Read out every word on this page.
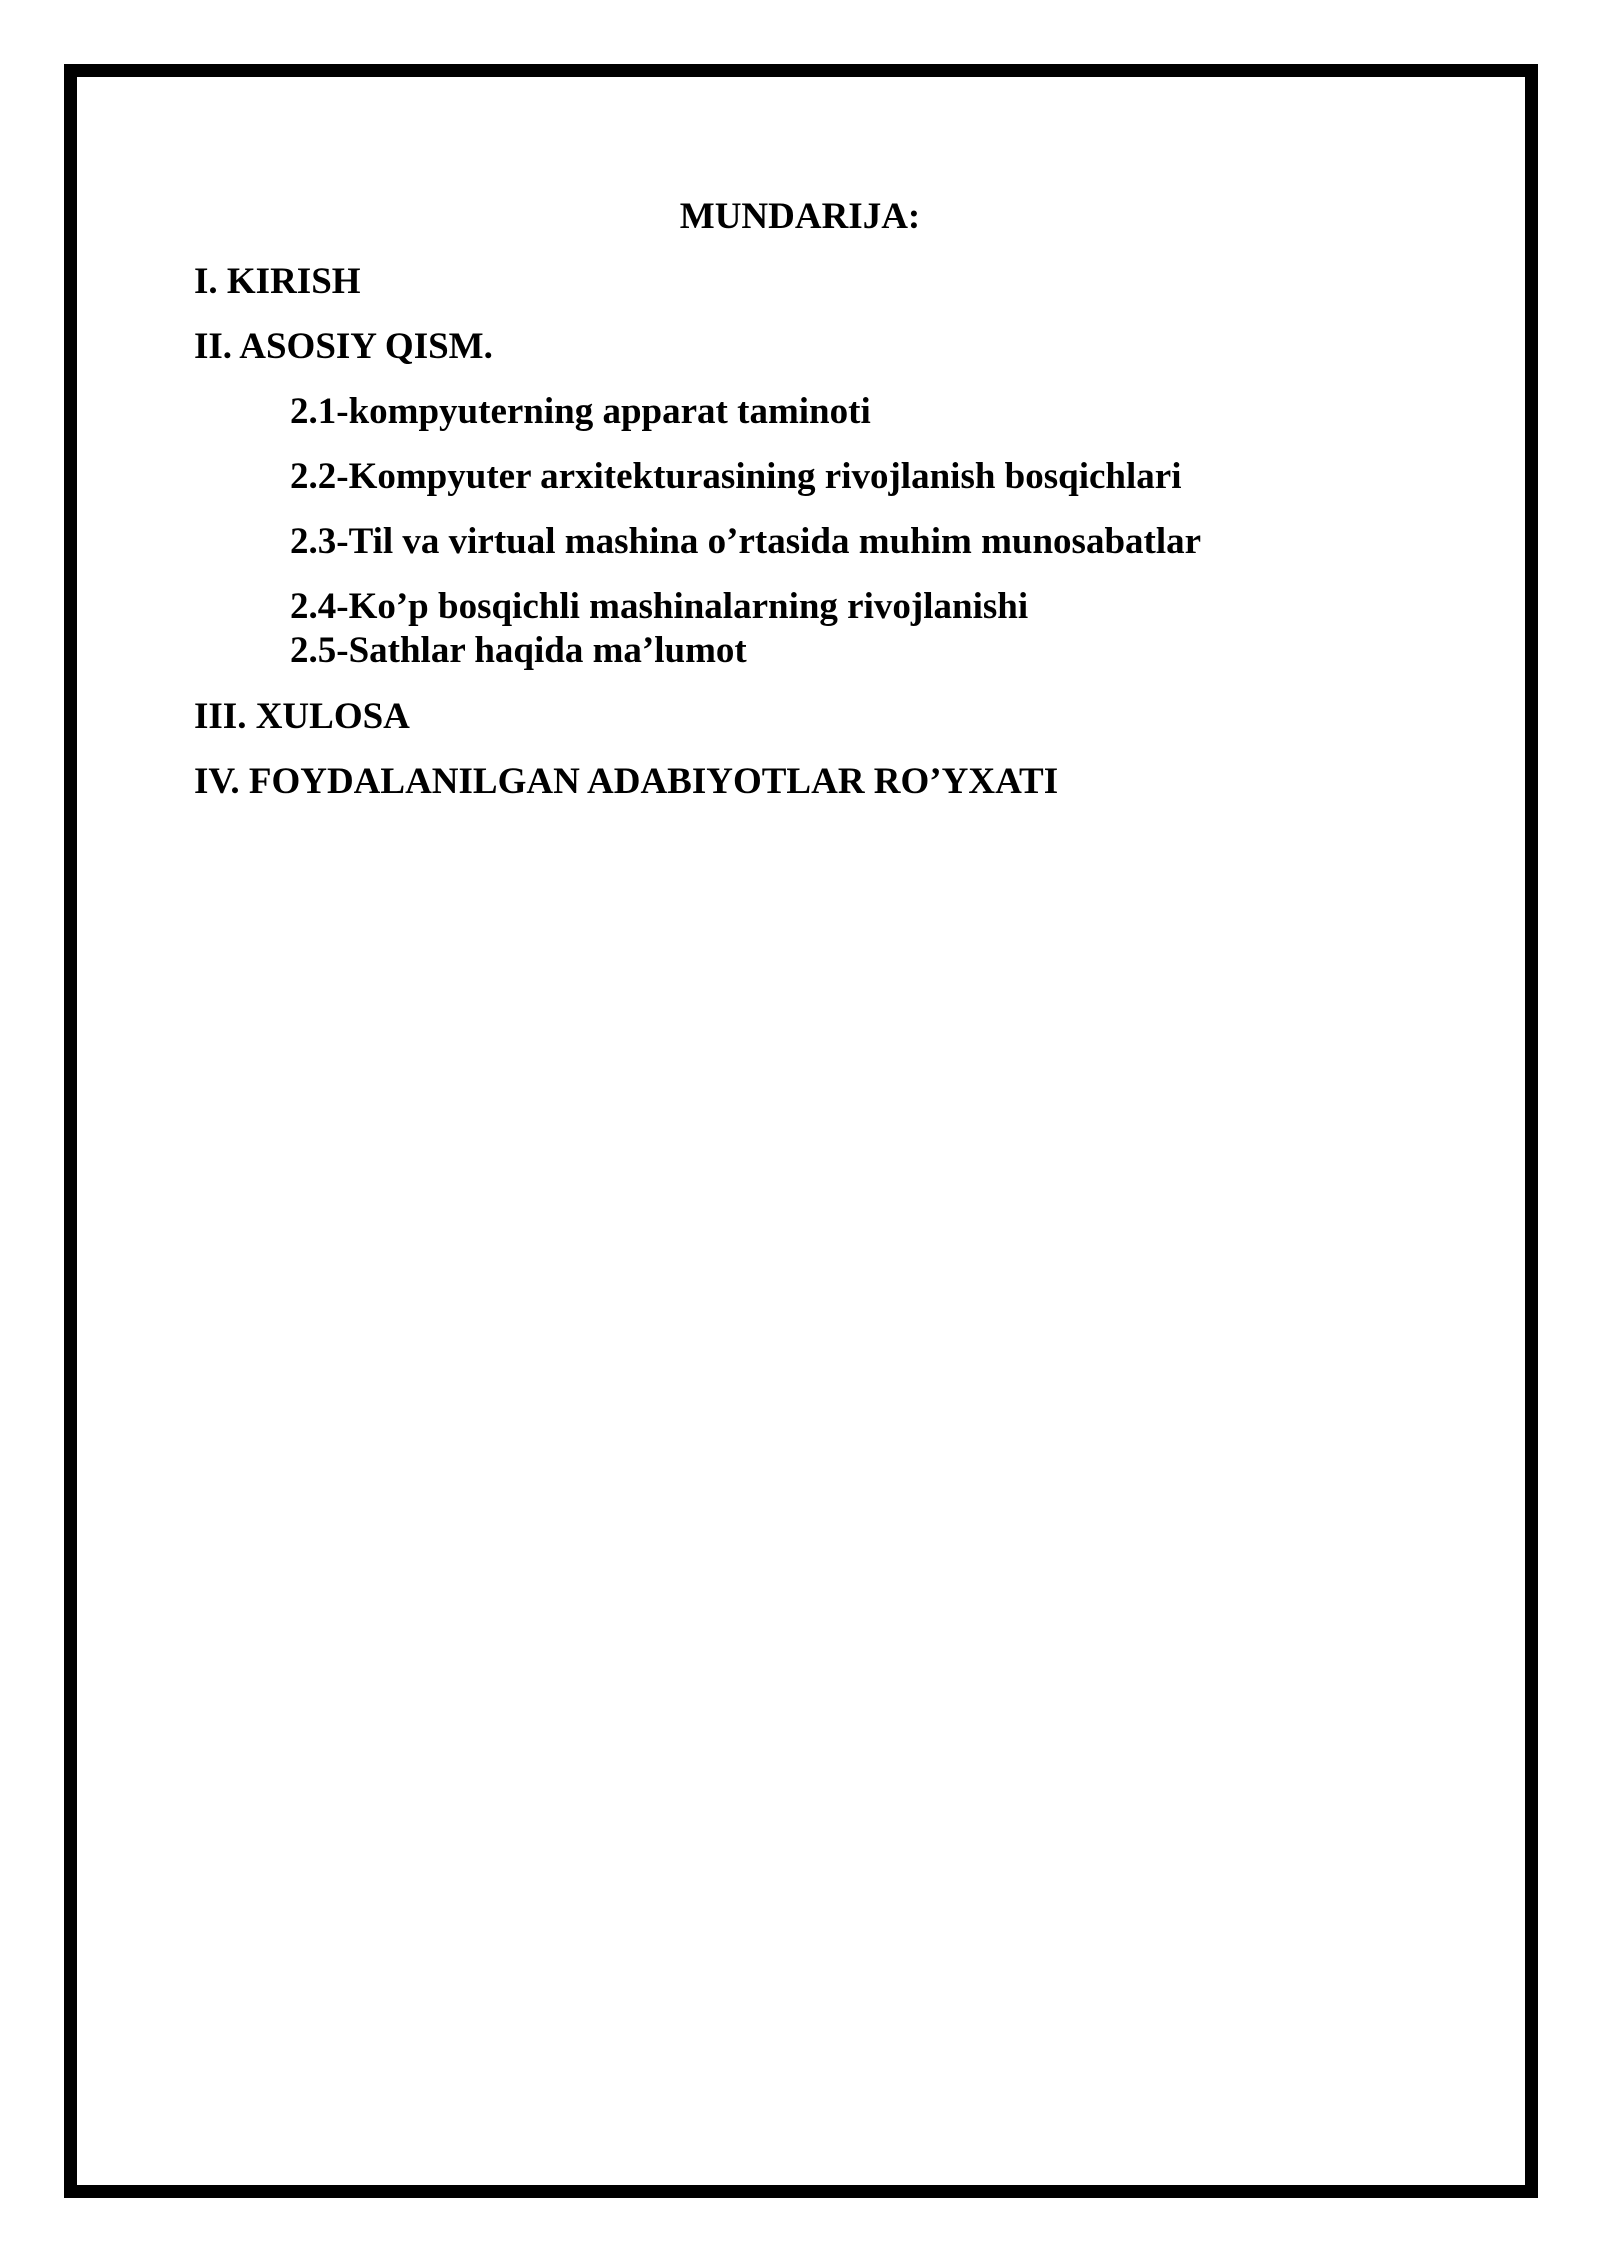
MUNDARIJA:
I. KIRISH
II. ASOSIY QISM.
2.1-kompyuterning apparat taminoti
2.2-Kompyuter arxitekturasining rivojlanish bosqichlari
2.3-Til va virtual mashina o’rtasida muhim munosabatlar
2.4-Ko’p bosqichli mashinalarning rivojlanishi
2.5-Sathlar haqida ma’lumot
III. XULOSA
IV. FOYDALANILGAN ADABIYOTLAR RO’YXATI
